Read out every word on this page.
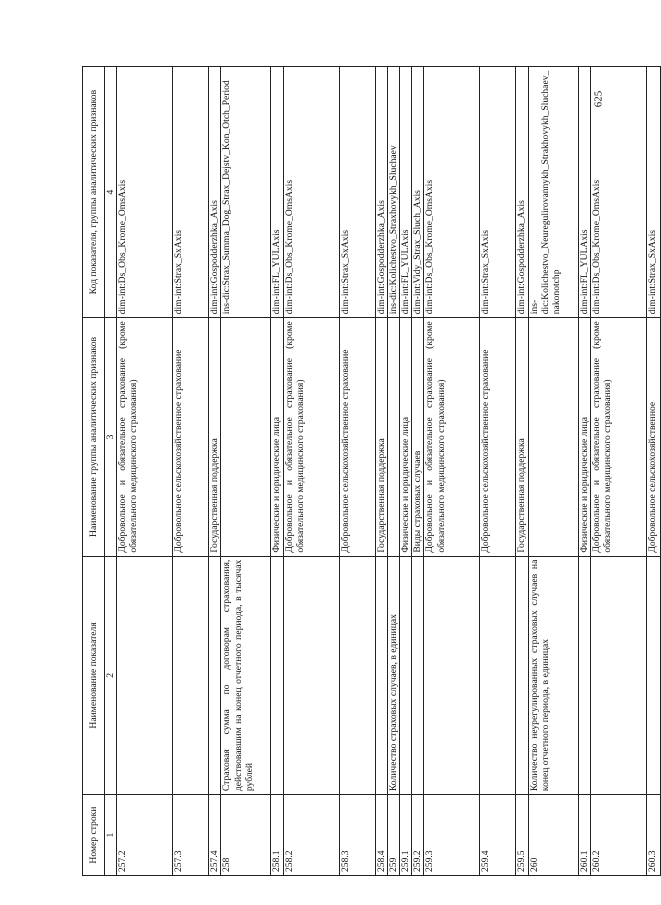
Номер строки	Наименование показателя	Наименование группы аналитических признаков	Код показателя, группы аналитических признаков
1	2	3	4
257.2		Добровольное и обязательное страхование (кроме обязательного медицинского страхования)	dim-int:Ds_Obs_Krome_OmsAxis
257.3		Добровольное сельскохозяйственное страхование	dim-int:Strax_SxAxis
257.4		Государственная поддержка	dim-int:Gospodderzhka_Axis
258	Страховая сумма по договорам страхования, действовавшим на конец отчетного периода, в тысячах рублей		ins-dic:Strax_Summa_Dog_Strax_Dejstv_Kon_Otch_Period
258.1		Физические и юридические лица	dim-int:FL_YULAxis
258.2		Добровольное и обязательное страхование (кроме обязательного медицинского страхования)	dim-int:Ds_Obs_Krome_OmsAxis
258.3		Добровольное сельскохозяйственное страхование	dim-int:Strax_SxAxis
258.4		Государственная поддержка	dim-int:Gospodderzhka_Axis
259	Количество страховых случаев, в единицах		ins-dic:Kolichestvo_Straxhovykh_Sluchaev
259.1		Физические и юридические лица	dim-int:FL_YULAxis
259.2		Виды страховых случаев	dim-int:Vidy_Strax_Sluch_Axis
259.3		Добровольное и обязательное страхование (кроме обязательного медицинского страхования)	dim-int:Ds_Obs_Krome_OmsAxis
259.4		Добровольное сельскохозяйственное страхование	dim-int:Strax_SxAxis
259.5		Государственная поддержка	dim-int:Gospodderzhka_Axis
260	Количество неурегулированных страховых случаев на конец отчетного периода, в единицах		ins-dic:Kolichestvo_Neuregulirovannykh_Strakhovykh_Sluchaev_nakonotchp
260.1		Физические и юридические лица	dim-int:FL_YULAxis
260.2		Добровольное и обязательное страхование (кроме обязательного медицинского страхования)	dim-int:Ds_Obs_Krome_OmsAxis
260.3		Добровольное сельскохозяйственное	dim-int:Strax_SxAxis
625
